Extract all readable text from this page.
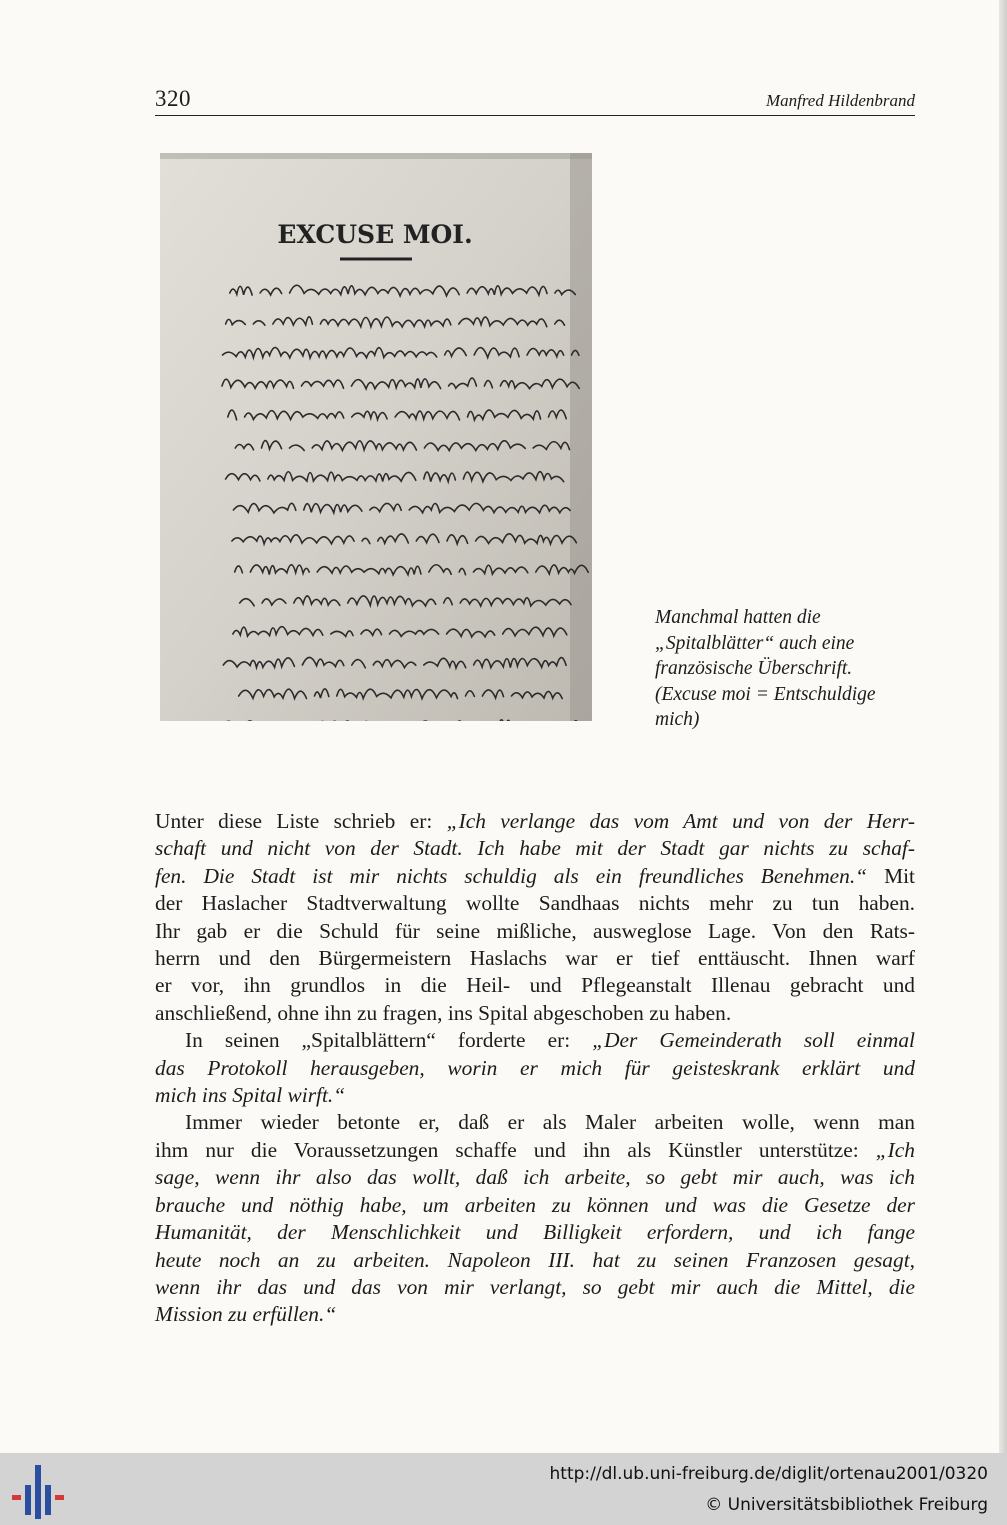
320	Manfred Hildenbrand
EXCUSE MOI.
Manchmal hatten die
„Spitalblätter“ auch eine
französische Überschrift.
(Excuse moi = Entschuldige
mich)
Unter diese Liste schrieb er: „Ich verlange das vom Amt und von der Herr-
schaft und nicht von der Stadt. Ich habe mit der Stadt gar nichts zu schaf-
fen. Die Stadt ist mir nichts schuldig als ein freundliches Benehmen.“ Mit
der Haslacher Stadtverwaltung wollte Sandhaas nichts mehr zu tun haben.
Ihr gab er die Schuld für seine mißliche, ausweglose Lage. Von den Rats-
herrn und den Bürgermeistern Haslachs war er tief enttäuscht. Ihnen warf
er vor, ihn grundlos in die Heil- und Pflegeanstalt Illenau gebracht und
anschließend, ohne ihn zu fragen, ins Spital abgeschoben zu haben.
In seinen „Spitalblättern“ forderte er: „Der Gemeinderath soll einmal
das Protokoll herausgeben, worin er mich für geisteskrank erklärt und
mich ins Spital wirft.“
Immer wieder betonte er, daß er als Maler arbeiten wolle, wenn man
ihm nur die Voraussetzungen schaffe und ihn als Künstler unterstütze: „Ich
sage, wenn ihr also das wollt, daß ich arbeite, so gebt mir auch, was ich
brauche und nöthig habe, um arbeiten zu können und was die Gesetze der
Humanität, der Menschlichkeit und Billigkeit erfordern, und ich fange
heute noch an zu arbeiten. Napoleon III. hat zu seinen Franzosen gesagt,
wenn ihr das und das von mir verlangt, so gebt mir auch die Mittel, die
Mission zu erfüllen.“
http://dl.ub.uni-freiburg.de/diglit/ortenau2001/0320
© Universitätsbibliothek Freiburg
